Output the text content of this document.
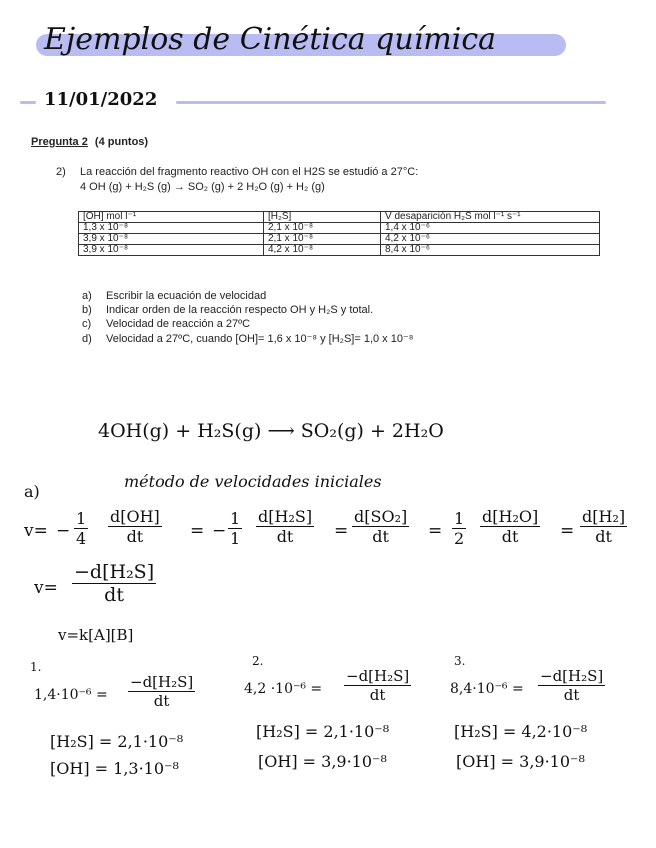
Ejemplos de Cinética química
11/01/2022
Pregunta 2 (4 puntos)
2) La reacción del fragmento reactivo OH con el H2S se estudió a 27°C:
4 OH (g) + H₂S (g) → SO₂ (g) + 2 H₂O (g) + H₂ (g)
[OH] mol l⁻¹	[H₂S]	V desaparición H₂S mol l⁻¹ s⁻¹
1,3 x 10⁻⁸	2,1 x 10⁻⁸	1,4 x 10⁻⁶
3,9 x 10⁻⁸	2,1 x 10⁻⁸	4,2 x 10⁻⁶
3,9 x 10⁻⁸	4,2 x 10⁻⁸	8,4 x 10⁻⁶
a) Escribir la ecuación de velocidad
b) Indicar orden de la reacción respecto OH y H₂S y total.
c) Velocidad de reacción a 27ºC
d) Velocidad a 27ºC, cuando [OH]= 1,6 x 10⁻⁸ y [H₂S]= 1,0 x 10⁻⁸
4OH(g) + H₂S(g) ⟶ SO₂(g) + 2H₂O
a)
método de velocidades iniciales
$v= - \frac{1}{4} \frac{d[OH]}{dt}$ = − $\frac{1}{1} \frac{\text{d[H₂S]}}{dt} = \frac{\text{d[SO₂]}}{dt} = \frac{1}{2} \frac{\text{d[H₂O]}}{dt} = \frac{\text{d[H₂]}}{dt}$
$v= \frac{\text{−d[H₂S]}}{dt}$
v=k[A][B]
1.
$1,4\cdot 10^{-6} = \frac{\text{−d[H₂S]}}{dt}$
[H₂S] = 2,1·10⁻⁸
[OH] = 1,3·10⁻⁸
2.
$4,2 \cdot 10^{-6} = \frac{\text{−d[H₂S]}}{dt}$
[H₂S] = 2,1·10⁻⁸
[OH] = 3,9·10⁻⁸
3.
$8,4\cdot 10^{-6} = \frac{\text{−d[H₂S]}}{dt}$
[H₂S] = 4,2·10⁻⁸
[OH] = 3,9·10⁻⁸
